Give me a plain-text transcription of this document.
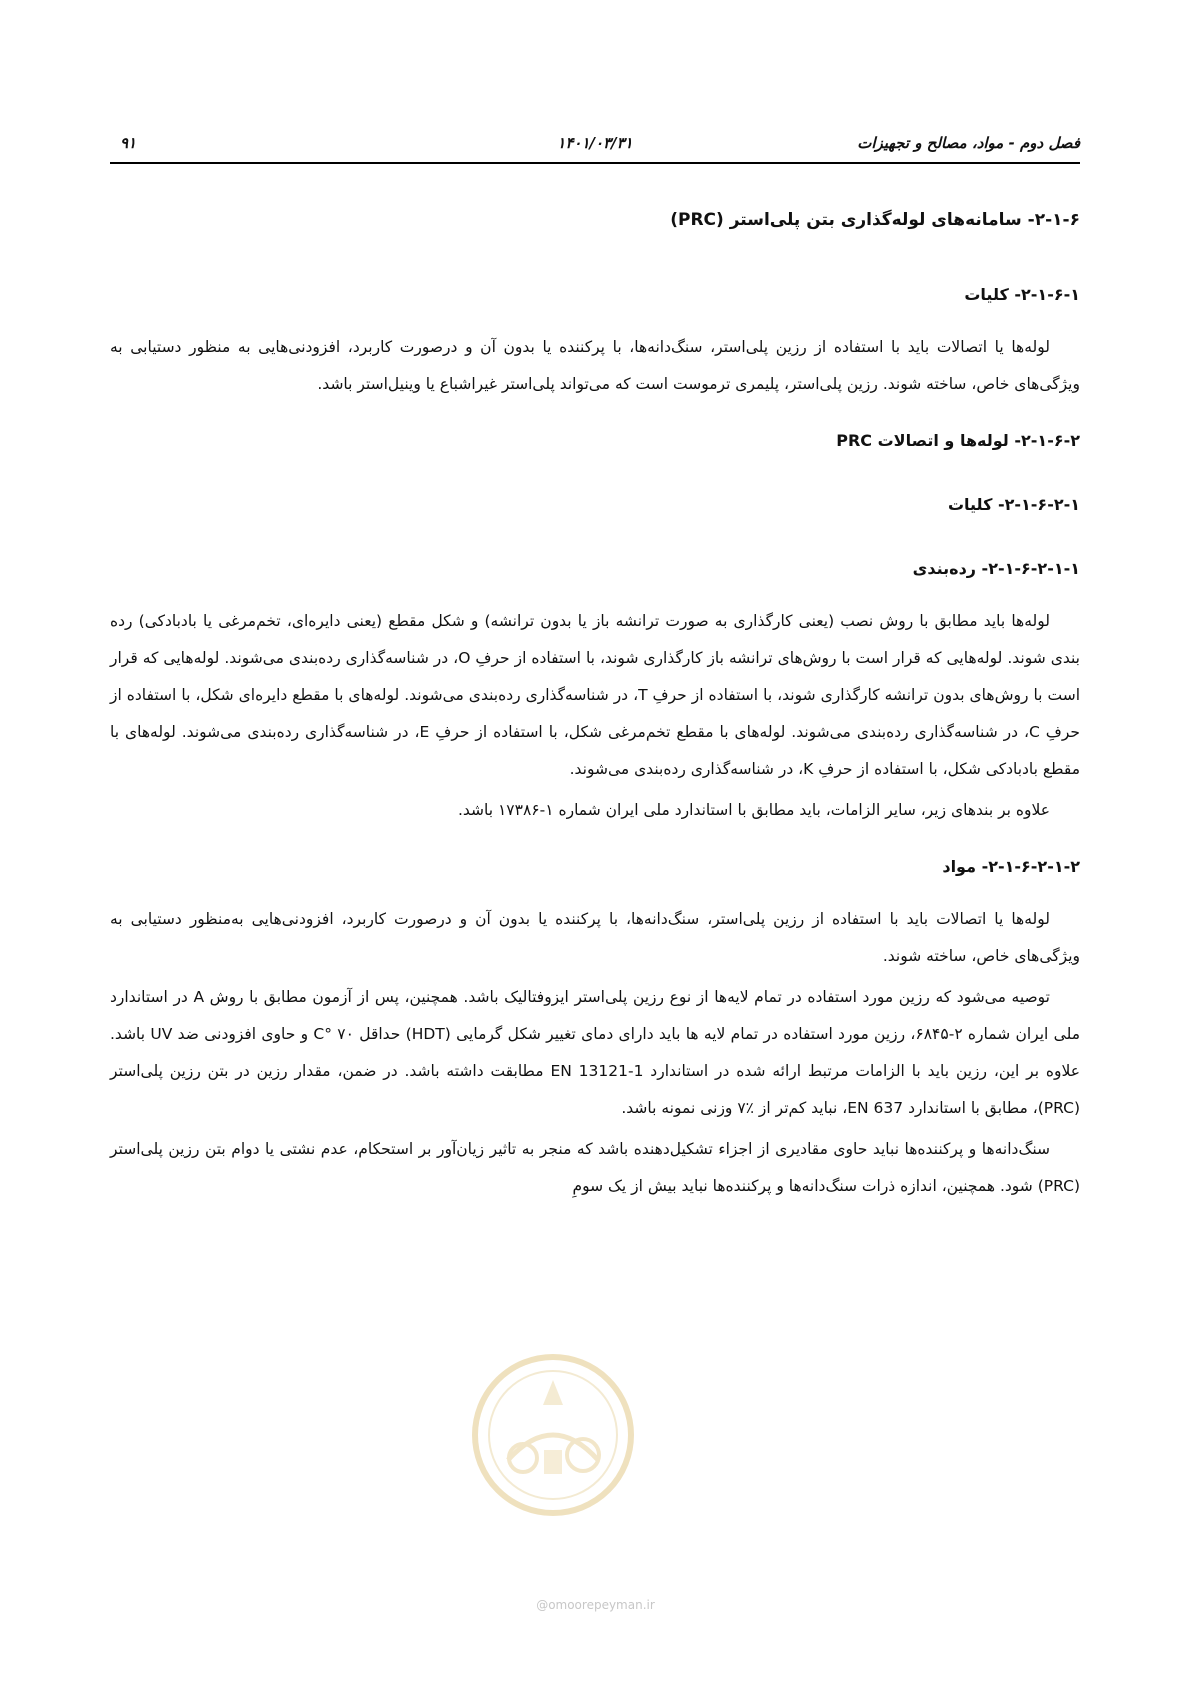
فصل دوم - مواد، مصالح و تجهیزات
۱۴۰۱/۰۳/۳۱
۹۱
۲-۱-۶- سامانه‌های لوله‌گذاری بتن پلی‌استر (PRC)
۲-۱-۶-۱- کلیات
لوله‌ها یا اتصالات باید با استفاده از رزین پلی‌استر، سنگ‌دانه‌ها، با پرکننده یا بدون آن و درصورت کاربرد، افزودنی‌هایی به منظور دستیابی به ویژگی‌های خاص، ساخته شوند. رزین پلی‌استر، پلیمری ترموست است که می‌تواند پلی‌استر غیراشباع یا وینیل‌استر باشد.
۲-۱-۶-۲- لوله‌ها و اتصالات PRC
۲-۱-۶-۲-۱- کلیات
۲-۱-۶-۲-۱-۱- رده‌بندی
لوله‌ها باید مطابق با روش نصب (یعنی کارگذاری به صورت ترانشه باز یا بدون ترانشه) و شکل مقطع (یعنی دایره‌ای، تخم‌مرغی یا بادبادکی) رده بندی شوند. لوله‌هایی که قرار است با روش‌های ترانشه باز کارگذاری شوند، با استفاده از حرفِ O، در شناسه‌گذاری رده‌بندی می‌شوند. لوله‌هایی که قرار است با روش‌های بدون ترانشه کارگذاری شوند، با استفاده از حرفِ T، در شناسه‌گذاری رده‌بندی می‌شوند. لوله‌های با مقطع دایره‌ای شکل، با استفاده از حرفِ C، در شناسه‌گذاری رده‌بندی می‌شوند. لوله‌های با مقطع تخم‌مرغی شکل، با استفاده از حرفِ E، در شناسه‌گذاری رده‌بندی می‌شوند. لوله‌های با مقطع بادبادکی شکل، با استفاده از حرفِ K، در شناسه‌گذاری رده‌بندی می‌شوند.
علاوه بر بندهای زیر، سایر الزامات، باید مطابق با استاندارد ملی ایران شماره ۱-۱۷۳۸۶ باشد.
۲-۱-۶-۲-۱-۲- مواد
لوله‌ها یا اتصالات باید با استفاده از رزین پلی‌استر، سنگ‌دانه‌ها، با پرکننده یا بدون آن و درصورت کاربرد، افزودنی‌هایی به‌منظور دستیابی به ویژگی‌های خاص، ساخته شوند.
توصیه می‌شود که رزین مورد استفاده در تمام لایه‌ها از نوع رزین پلی‌استر ایزوفتالیک باشد. همچنین، پس از آزمون مطابق با روش A در استاندارد ملی ایران شماره ۲-۶۸۴۵، رزین مورد استفاده در تمام لایه ها باید دارای دمای تغییر شکل گرمایی (HDT) حداقل ۷۰ °C و حاوی افزودنی ضد UV باشد. علاوه بر این، رزین باید با الزامات مرتبط ارائه شده در استاندارد EN 13121-1 مطابقت داشته باشد. در ضمن، مقدار رزین در بتن رزین پلی‌استر (PRC)، مطابق با استاندارد EN 637، نباید کم‌تر از ٪۷ وزنی نمونه باشد.
سنگ‌دانه‌ها و پرکننده‌ها نباید حاوی مقادیری از اجزاء تشکیل‌دهنده باشد که منجر به تاثیر زیان‌آور بر استحکام، عدم نشتی یا دوام بتن رزین پلی‌استر (PRC) شود. همچنین، اندازه ذرات سنگ‌دانه‌ها و پرکننده‌ها نباید بیش از یک سومِ
@omoorepeyman.ir
